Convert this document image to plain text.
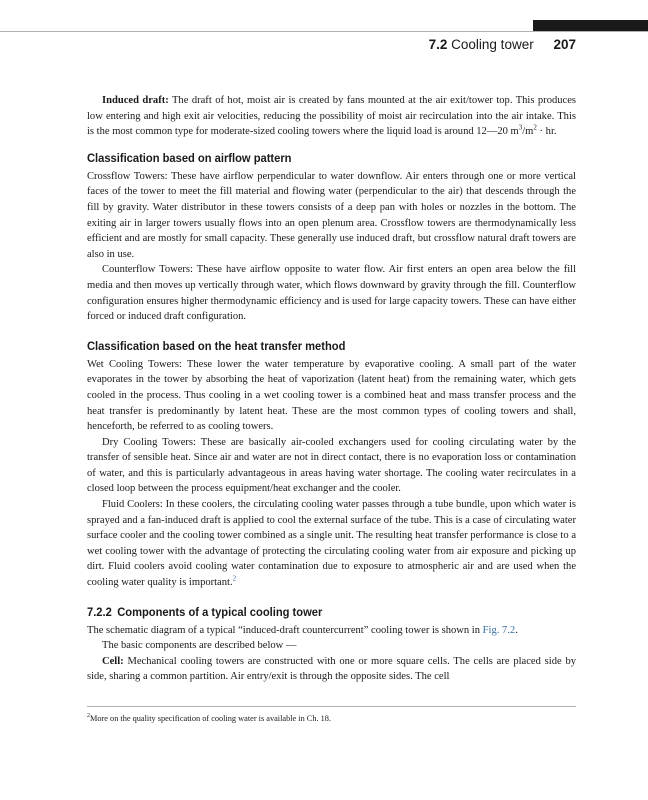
7.2 Cooling tower 207

Induced draft: The draft of hot, moist air is created by fans mounted at the air exit/tower top. This produces low entering and high exit air velocities, reducing the possibility of moist air recirculation into the air intake. This is the most common type for moderate-sized cooling towers where the liquid load is around 12—20 $m^3/m^2$ · hr.

Classification based on airflow pattern

Crossflow Towers: These have airflow perpendicular to water downflow. Air enters through one or more vertical faces of the tower to meet the fill material and flowing water (perpendicular to the air) that descends through the fill by gravity. Water distributor in these towers consists of a deep pan with holes or nozzles in the bottom. The exiting air in larger towers usually flows into an open plenum area. Crossflow towers are thermodynamically less efficient and are mostly for small capacity. These generally use induced draft, but crossflow natural draft towers are also in use.

Counterflow Towers: These have airflow opposite to water flow. Air first enters an open area below the fill media and then moves up vertically through water, which flows downward by gravity through the fill. Counterflow configuration ensures higher thermodynamic efficiency and is used for large capacity towers. These can have either forced or induced draft configuration.

Classification based on the heat transfer method

Wet Cooling Towers: These lower the water temperature by evaporative cooling. A small part of the water evaporates in the tower by absorbing the heat of vaporization (latent heat) from the remaining water, which gets cooled in the process. Thus cooling in a wet cooling tower is a combined heat and mass transfer process and the heat transfer is predominantly by latent heat. These are the most common types of cooling towers and shall, henceforth, be referred to as cooling towers.

Dry Cooling Towers: These are basically air-cooled exchangers used for cooling circulating water by the transfer of sensible heat. Since air and water are not in direct contact, there is no evaporation loss or contamination of water, and this is particularly advantageous in areas having water shortage. The cooling water recirculates in a closed loop between the process equipment/heat exchanger and the cooler.

Fluid Coolers: In these coolers, the circulating cooling water passes through a tube bundle, upon which water is sprayed and a fan-induced draft is applied to cool the external surface of the tube. This is a case of circulating water surface cooler and the cooling tower combined as a single unit. The resulting heat transfer performance is close to a wet cooling tower with the advantage of protecting the circulating cooling water from air exposure and picking up dirt. Fluid coolers avoid cooling water contamination due to exposure to atmospheric air and are used when the cooling water quality is important.$^2$

7.2.2 Components of a typical cooling tower

The schematic diagram of a typical “induced-draft countercurrent” cooling tower is shown in Fig. 7.2.

The basic components are described below —

Cell: Mechanical cooling towers are constructed with one or more square cells. The cells are placed side by side, sharing a common partition. Air entry/exit is through the opposite sides. The cell

$^2$More on the quality specification of cooling water is available in Ch. 18.
